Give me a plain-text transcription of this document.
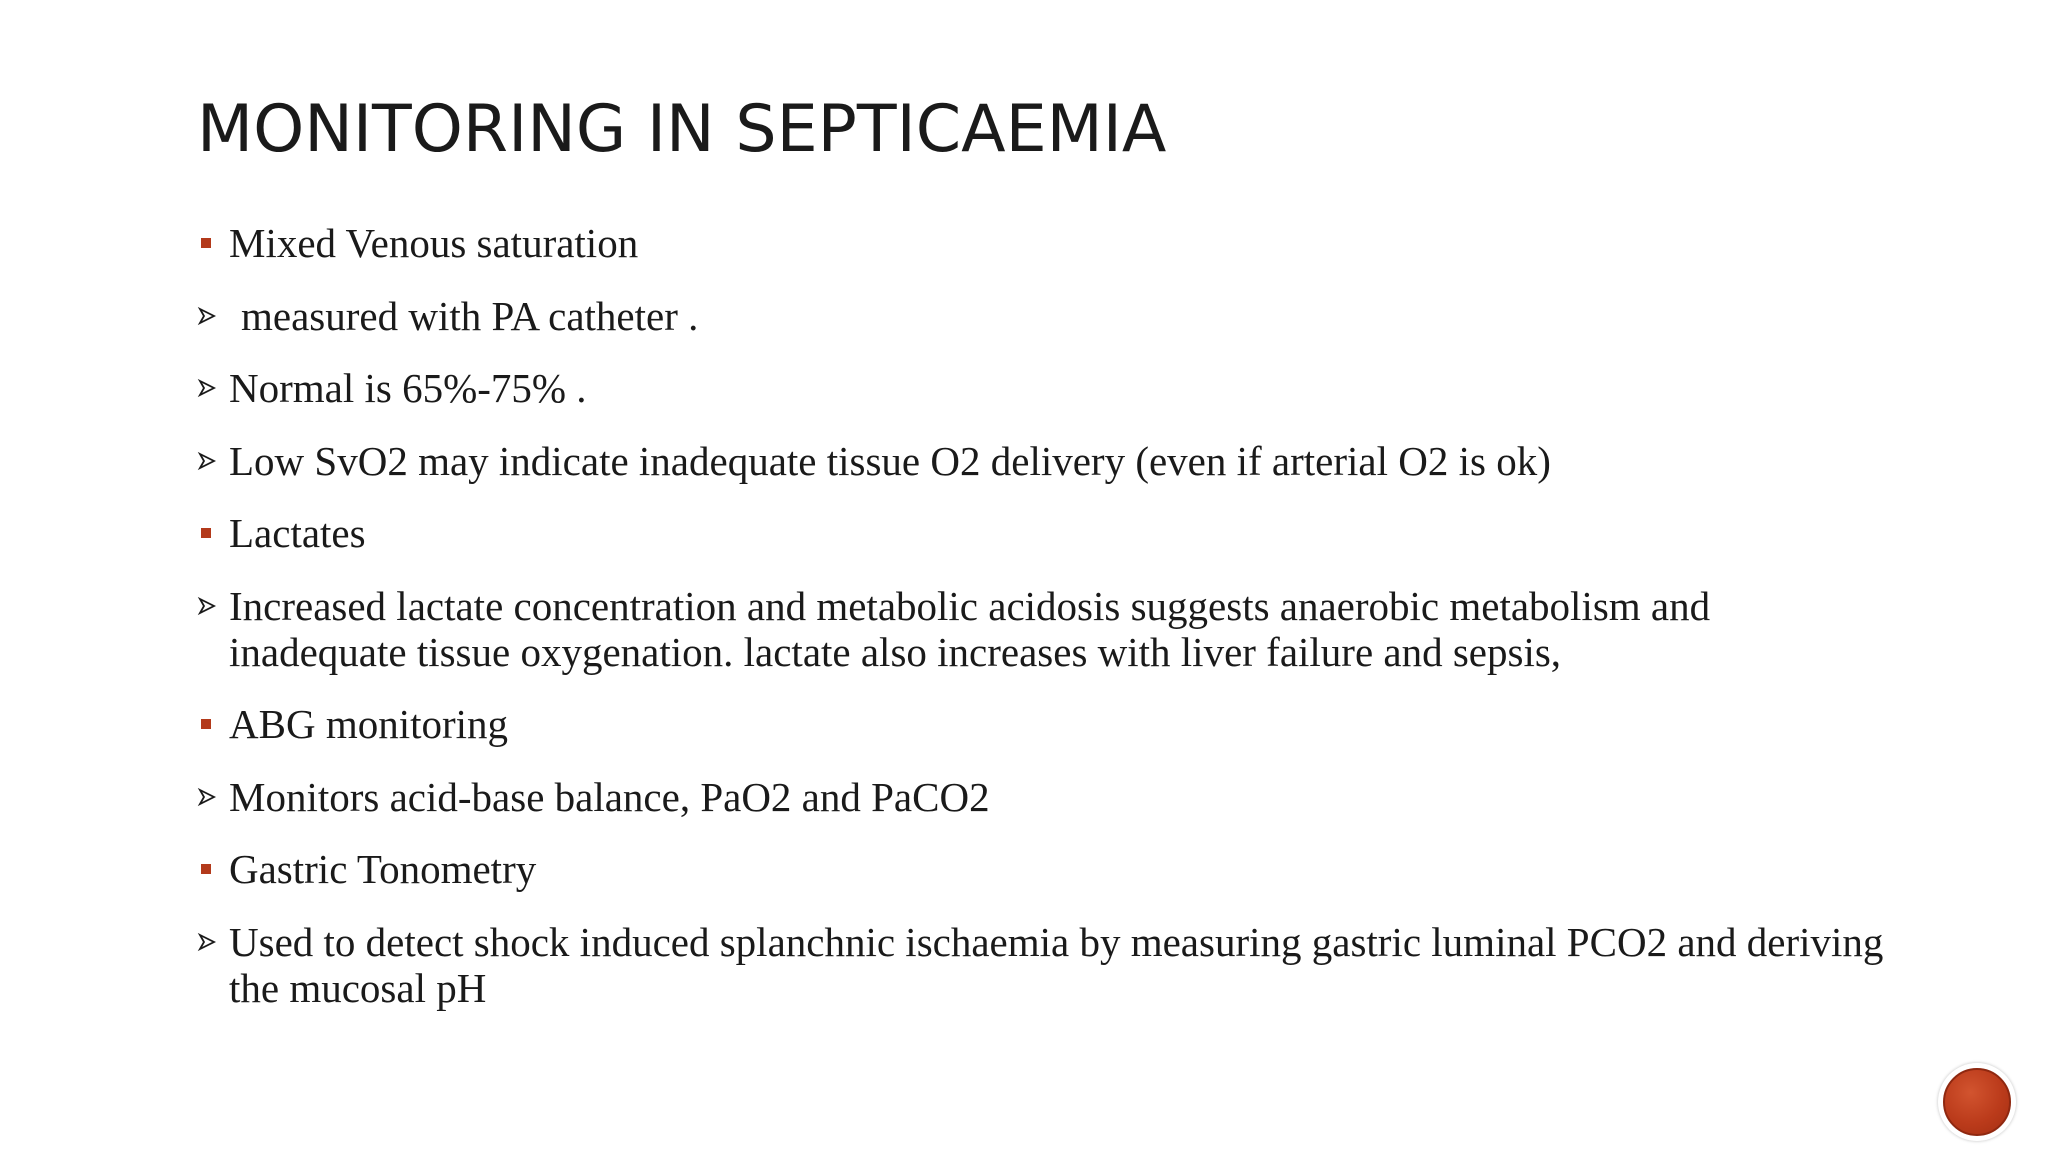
MONITORING IN SEPTICAEMIA
Mixed Venous saturation
measured with PA catheter .
Normal is 65%-75% .
Low SvO2 may indicate inadequate tissue O2 delivery (even if arterial O2 is ok)
Lactates
Increased lactate concentration and metabolic acidosis suggests anaerobic metabolism and inadequate tissue oxygenation. lactate also increases with liver failure and sepsis,
ABG monitoring
Monitors acid-base balance, PaO2 and PaCO2
Gastric Tonometry
Used to detect shock induced splanchnic ischaemia by measuring gastric luminal PCO2 and deriving the mucosal pH
